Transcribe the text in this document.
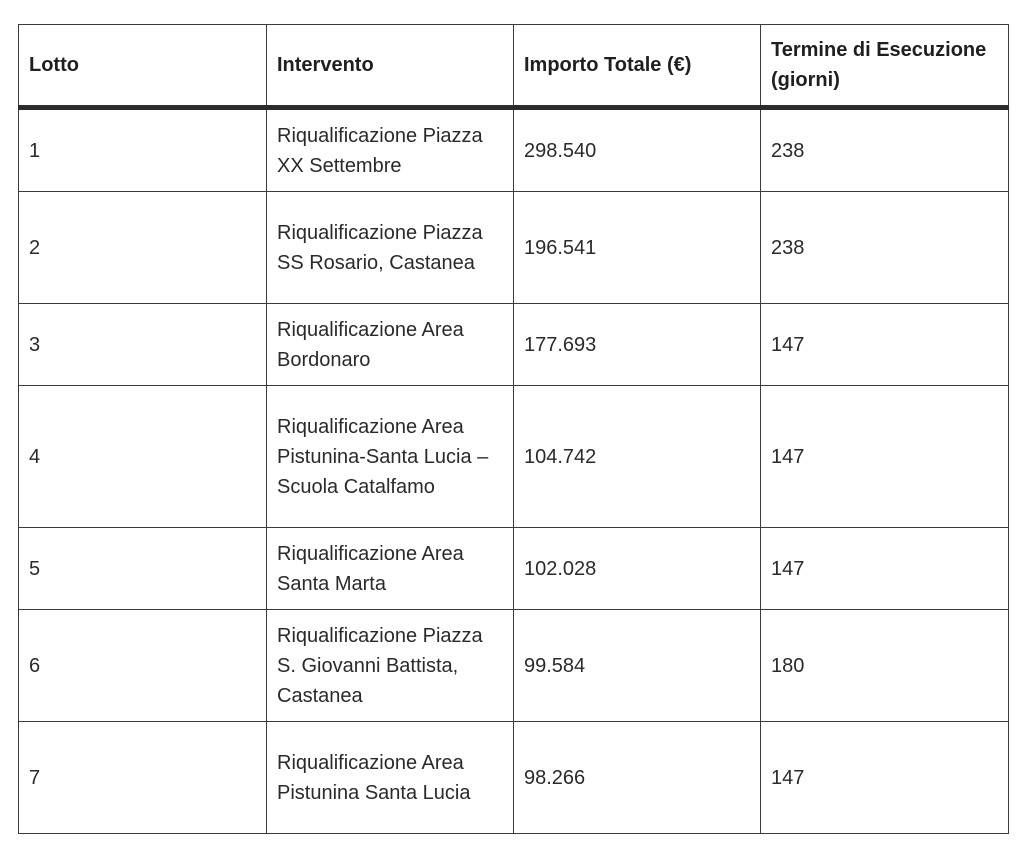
Lotto	Intervento	Importo Totale (€)	Termine di Esecuzione (giorni)
1	Riqualificazione Piazza XX Settembre	298.540	238
2	Riqualificazione Piazza SS Rosario, Castanea	196.541	238
3	Riqualificazione Area Bordonaro	177.693	147
4	Riqualificazione Area Pistunina-Santa Lucia – Scuola Catalfamo	104.742	147
5	Riqualificazione Area Santa Marta	102.028	147
6	Riqualificazione Piazza S. Giovanni Battista, Castanea	99.584	180
7	Riqualificazione Area Pistunina Santa Lucia	98.266	147
